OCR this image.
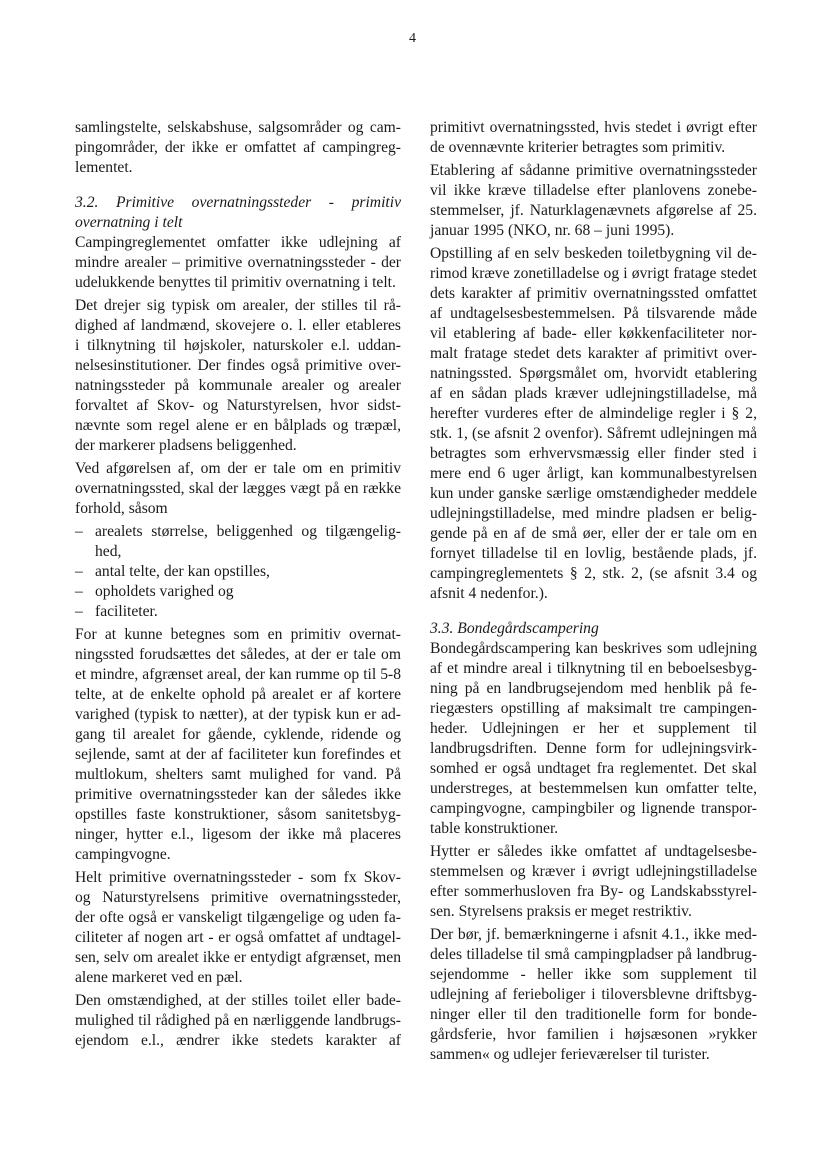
4
samlingstelte, selskabshuse, salgsområder og cam-
pingområder, der ikke er omfattet af campingreg-
lementet.
3.2. Primitive overnatningssteder - primitiv
overnatning i telt
Campingreglementet omfatter ikke udlejning af
mindre arealer – primitive overnatningssteder - der
udelukkende benyttes til primitiv overnatning i telt.
Det drejer sig typisk om arealer, der stilles til rå-
dighed af landmænd, skovejere o. l. eller etableres
i tilknytning til højskoler, naturskoler e.l. uddan-
nelsesinstitutioner. Der findes også primitive over-
natningssteder på kommunale arealer og arealer
forvaltet af Skov- og Naturstyrelsen, hvor sidst-
nævnte som regel alene er en bålplads og træpæl,
der markerer pladsens beliggenhed.
Ved afgørelsen af, om der er tale om en primitiv
overnatningssted, skal der lægges vægt på en række
forhold, såsom
– arealets størrelse, beliggenhed og tilgængelig-
hed,
– antal telte, der kan opstilles,
– opholdets varighed og
– faciliteter.
For at kunne betegnes som en primitiv overnat-
ningssted forudsættes det således, at der er tale om
et mindre, afgrænset areal, der kan rumme op til 5-8
telte, at de enkelte ophold på arealet er af kortere
varighed (typisk to nætter), at der typisk kun er ad-
gang til arealet for gående, cyklende, ridende og
sejlende, samt at der af faciliteter kun forefindes et
multlokum, shelters samt mulighed for vand. På
primitive overnatningssteder kan der således ikke
opstilles faste konstruktioner, såsom sanitetsbyg-
ninger, hytter e.l., ligesom der ikke må placeres
campingvogne.
Helt primitive overnatningssteder - som fx Skov-
og Naturstyrelsens primitive overnatningssteder,
der ofte også er vanskeligt tilgængelige og uden fa-
ciliteter af nogen art - er også omfattet af undtagel-
sen, selv om arealet ikke er entydigt afgrænset, men
alene markeret ved en pæl.
Den omstændighed, at der stilles toilet eller bade-
mulighed til rådighed på en nærliggende landbrugs-
ejendom e.l., ændrer ikke stedets karakter af
primitivt overnatningssted, hvis stedet i øvrigt efter
de ovennævnte kriterier betragtes som primitiv.
Etablering af sådanne primitive overnatningssteder
vil ikke kræve tilladelse efter planlovens zonebe-
stemmelser, jf. Naturklagenævnets afgørelse af 25.
januar 1995 (NKO, nr. 68 – juni 1995).
Opstilling af en selv beskeden toiletbygning vil de-
rimod kræve zonetilladelse og i øvrigt fratage stedet
dets karakter af primitiv overnatningssted omfattet
af undtagelsesbestemmelsen. På tilsvarende måde
vil etablering af bade- eller køkkenfaciliteter nor-
malt fratage stedet dets karakter af primitivt over-
natningssted. Spørgsmålet om, hvorvidt etablering
af en sådan plads kræver udlejningstilladelse, må
herefter vurderes efter de almindelige regler i § 2,
stk. 1, (se afsnit 2 ovenfor). Såfremt udlejningen må
betragtes som erhvervsmæssig eller finder sted i
mere end 6 uger årligt, kan kommunalbestyrelsen
kun under ganske særlige omstændigheder meddele
udlejningstilladelse, med mindre pladsen er belig-
gende på en af de små øer, eller der er tale om en
fornyet tilladelse til en lovlig, bestående plads, jf.
campingreglementets § 2, stk. 2, (se afsnit 3.4 og
afsnit 4 nedenfor.).
3.3. Bondegårdscampering
Bondegårdscampering kan beskrives som udlejning
af et mindre areal i tilknytning til en beboelsesbyg-
ning på en landbrugsejendom med henblik på fe-
riegæsters opstilling af maksimalt tre campingen-
heder. Udlejningen er her et supplement til
landbrugsdriften. Denne form for udlejningsvirk-
somhed er også undtaget fra reglementet. Det skal
understreges, at bestemmelsen kun omfatter telte,
campingvogne, campingbiler og lignende transpor-
table konstruktioner.
Hytter er således ikke omfattet af undtagelsesbe-
stemmelsen og kræver i øvrigt udlejningstilladelse
efter sommerhusloven fra By- og Landskabsstyrel-
sen. Styrelsens praksis er meget restriktiv.
Der bør, jf. bemærkningerne i afsnit 4.1., ikke med-
deles tilladelse til små campingpladser på landbrug-
sejendomme - heller ikke som supplement til
udlejning af ferieboliger i tiloversblevne driftsbyg-
ninger eller til den traditionelle form for bonde-
gårdsferie, hvor familien i højsæsonen »rykker
sammen« og udlejer ferieværelser til turister.
